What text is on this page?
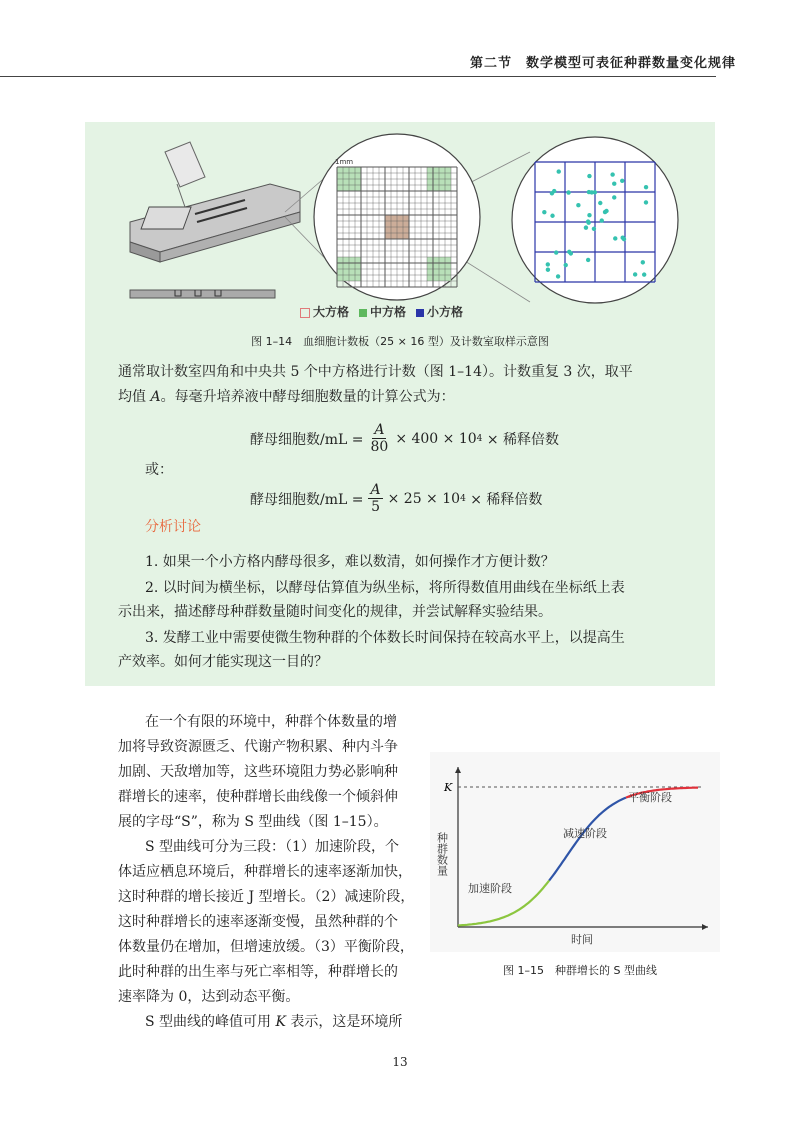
第二节　数学模型可表征种群数量变化规律
1mm
大方格	中方格	小方格
图 1–14　血细胞计数板（25 × 16 型）及计数室取样示意图

通常取计数室四角和中央共 5 个中方格进行计数（图 1–14）。计数重复 3 次，取平

均值 A。每毫升培养液中酵母细胞数量的计算公式为：

酵母细胞数$/mL = \frac{A}{80} \times 400 \times 10$ 4
× 稀释倍数

或：

酵母细胞数$/mL = \frac{A}{5} \times 25 \times 10$ 4
× 稀释倍数
分析讨论

1. 如果一个小方格内酵母很多，难以数清，如何操作才方便计数？

2. 以时间为横坐标，以酵母估算值为纵坐标，将所得数值用曲线在坐标纸上表

示出来，描述酵母种群数量随时间变化的规律，并尝试解释实验结果。

3. 发酵工业中需要使微生物种群的个体数长时间保持在较高水平上，以提高生

产效率。如何才能实现这一目的？

在一个有限的环境中，种群个体数量的增

加将导致资源匮乏、代谢产物积累、种内斗争

加剧、天敌增加等，这些环境阻力势必影响种

群增长的速率，使种群增长曲线像一个倾斜伸

展的字母“S”，称为 S 型曲线（图 1–15）。

S 型曲线可分为三段：（1）加速阶段，个

体适应栖息环境后，种群增长的速率逐渐加快，

这时种群的增长接近 J 型增长。（2）减速阶段，

这时种群增长的速率逐渐变慢，虽然种群的个

体数量仍在增加，但增速放缓。（3）平衡阶段，

此时种群的出生率与死亡率相等，种群增长的

速率降为 0，达到动态平衡。

S 型曲线的峰值可用 K 表示，这是环境所

K
加速阶段
减速阶段
平衡阶段
时间
种群数量
图 1–15　种群增长的 S 型曲线
13
